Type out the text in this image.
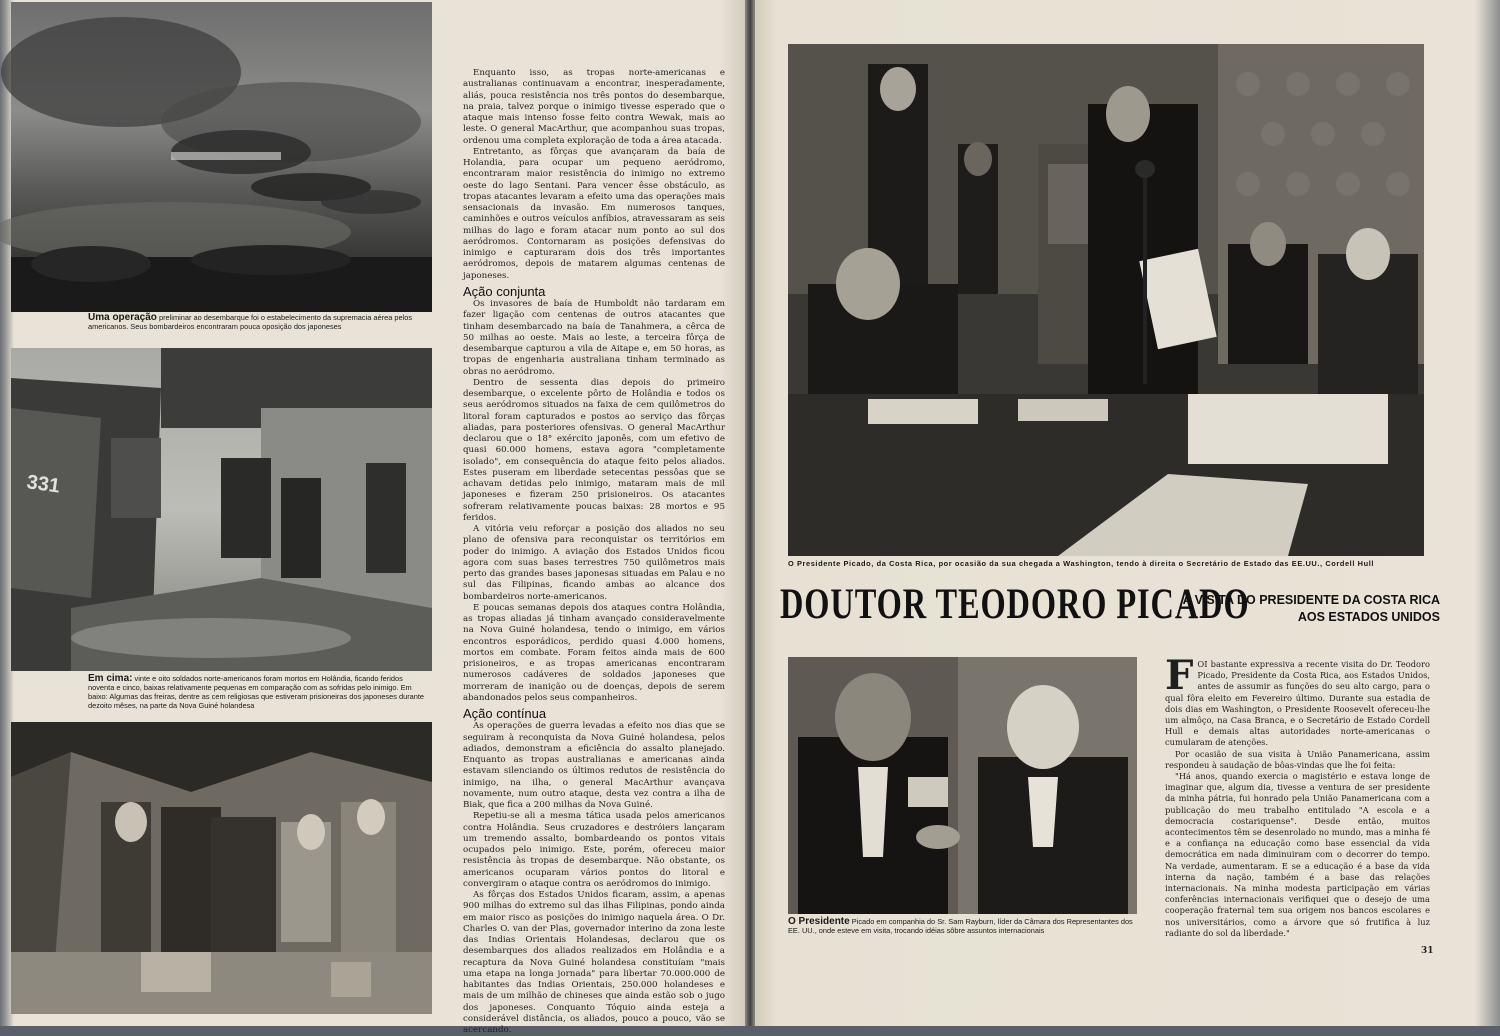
Uma operação preliminar ao desembarque foi o estabelecimento da supremacia aérea pelos americanos. Seus bombardeiros encontraram pouca oposição dos japoneses
331
Em cima: vinte e oito soldados norte-americanos foram mortos em Holândia, ficando feridos noventa e cinco, baixas relativamente pequenas em comparação com as sofridas pelo inimigo. Em baixo: Algumas das freiras, dentre as cem religiosas que estiveram prisioneiras dos japoneses durante dezoito mêses, na parte da Nova Guiné holandesa

Enquanto isso, as tropas norte-americanas e australianas continuavam a encontrar, inesperadamente, aliás, pouca resistência nos três pontos do desembarque, na praia, talvez porque o inimigo tivesse esperado que o ataque mais intenso fosse feito contra Wewak, mais ao leste. O general MacArthur, que acompanhou suas tropas, ordenou uma completa exploração de toda a área atacada.

Entretanto, as fôrças que avançaram da baía de Holandia, para ocupar um pequeno aeródromo, encontraram maior resistência do inimigo no extremo oeste do lago Sentani. Para vencer êsse obstáculo, as tropas atacantes levaram a efeito uma das operações mais sensacionais da invasão. Em numerosos tanques, caminhões e outros veículos anfíbios, atravessaram as seis milhas do lago e foram atacar num ponto ao sul dos aeródromos. Contornaram as posições defensivas do inimigo e capturaram dois dos três importantes aeródromos, depois de matarem algumas centenas de japoneses.

Ação conjunta

Os invasores de baía de Humboldt não tardaram em fazer ligação com centenas de outros atacantes que tinham desembarcado na baía de Tanahmera, a cêrca de 50 milhas ao oeste. Mais ao leste, a terceira fôrça de desembarque capturou a vila de Aitape e, em 50 horas, as tropas de engenharia australiana tinham terminado as obras no aeródromo.

Dentro de sessenta dias depois do primeiro desembarque, o excelente pôrto de Holândia e todos os seus aeródromos situados na faixa de cem quilômetros do litoral foram capturados e postos ao serviço das fôrças aliadas, para posteriores ofensivas. O general MacArthur declarou que o 18° exército japonês, com um efetivo de quasi 60.000 homens, estava agora "completamente isolado", em consequência do ataque feito pelos aliados. Estes puseram em liberdade setecentas pessôas que se achavam detidas pelo inimigo, mataram mais de mil japoneses e fizeram 250 prisioneiros. Os atacantes sofreram relativamente poucas baixas: 28 mortos e 95 feridos.

A vitória veiu reforçar a posição dos aliados no seu plano de ofensiva para reconquistar os territórios em poder do inimigo. A aviação dos Estados Unidos ficou agora com suas bases terrestres 750 quilômetros mais perto das grandes bases japonesas situadas em Palau e no sul das Filipinas, ficando ambas ao alcance dos bombardeiros norte-americanos.

E poucas semanas depois dos ataques contra Holândia, as tropas aliadas já tinham avançado consideravelmente na Nova Guiné holandesa, tendo o inimigo, em vários encontros esporádicos, perdido quasi 4.000 homens, mortos em combate. Foram feitos ainda mais de 600 prisioneiros, e as tropas americanas encontraram numerosos cadáveres de soldados japoneses que morreram de inanição ou de doenças, depois de serem abandonados pelos seus companheiros.

Ação contínua

As operações de guerra levadas a efeito nos dias que se seguiram à reconquista da Nova Guiné holandesa, pelos adiados, demonstram a eficiência do assalto planejado. Enquanto as tropas australianas e americanas ainda estavam silenciando os últimos redutos de resistência do inimigo, na ilha, o general MacArthur avançava novamente, num outro ataque, desta vez contra a ilha de Biak, que fica a 200 milhas da Nova Guiné.

Repetiu-se ali a mesma tática usada pelos americanos contra Holândia. Seus cruzadores e destróiers lançaram um tremendo assalto, bombardeando os pontos vitais ocupados pelo inimigo. Este, porém, ofereceu maior resistência às tropas de desembarque. Não obstante, os americanos ocuparam vários pontos do litoral e convergiram o ataque contra os aeródromos do inimigo.

As fôrças dos Estados Unidos ficaram, assim, a apenas 900 milhas do extremo sul das ilhas Filipinas, pondo ainda em maior risco as posições do inimigo naquela área. O Dr. Charles O. van der Plas, governador interino da zona leste das Indias Orientais Holandesas, declarou que os desembarques dos aliados realizados em Holândia e a recaptura da Nova Guiné holandesa constituíam "mais uma etapa na longa jornada" para libertar 70.000.000 de habitantes das Indias Orientais, 250.000 holandeses e mais de um milhão de chineses que ainda estão sob o jugo dos japoneses. Conquanto Tóquio ainda esteja a considerável distância, os aliados, pouco a pouco, vão se acercando.

O Presidente Picado, da Costa Rica, por ocasião da sua chegada a Washington, tendo à direita o Secretário de Estado das EE.UU., Cordell Hull
DOUTOR TEODORO PICADO
A VISITA DO PRESIDENTE DA COSTA RICA
AOS ESTADOS UNIDOS
O Presidente Picado em companhia do Sr. Sam Rayburn, líder da Câmara dos Representantes dos EE. UU., onde esteve em visita, trocando idéias sôbre assuntos internacionais

FOI bastante expressiva a recente visita do Dr. Teodoro Picado, Presidente da Costa Rica, aos Estados Unidos, antes de assumir as funções do seu alto cargo, para o qual fôra eleito em Fevereiro último. Durante sua estadia de dois dias em Washington, o Presidente Roosevelt ofereceu-lhe um almôço, na Casa Branca, e o Secretário de Estado Cordell Hull e demais altas autoridades norte-americanas o cumularam de atenções.

Por ocasião de sua visita à União Panamericana, assim respondeu à saudação de bôas-vindas que lhe foi feita:

"Há anos, quando exercia o magistério e estava longe de imaginar que, algum dia, tivesse a ventura de ser presidente da minha pátria, fui honrado pela União Panamericana com a publicação do meu trabalho entitulado "A escola e a democracia costariquense". Desde então, muitos acontecimentos têm se desenrolado no mundo, mas a minha fé e a confiança na educação como base essencial da vida democrática em nada diminuiram com o decorrer do tempo. Na verdade, aumentaram. E se a educação é a base da vida interna da nação, também é a base das relações internacionais. Na minha modesta participação em várias conferências internacionais verifiquei que o desejo de uma cooperação fraternal tem sua origem nos bancos escolares e nos universitários, como a árvore que só frutifica à luz radiante do sol da liberdade."

31
